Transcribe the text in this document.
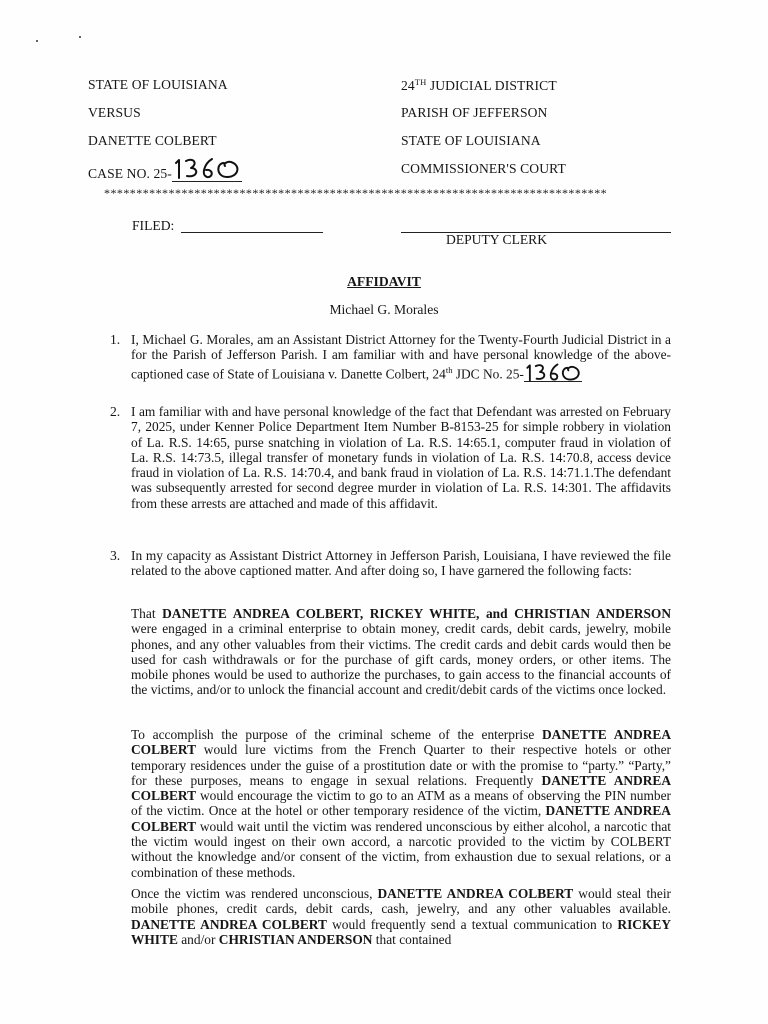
STATE OF LOUISIANA
VERSUS
DANETTE COLBERT
CASE NO. 25-
24TH JUDICIAL DISTRICT
PARISH OF JEFFERSON
STATE OF LOUISIANA
COMMISSIONER'S COURT
******************************************************************************
FILED:
DEPUTY CLERK
AFFIDAVIT
Michael G. Morales
1. I, Michael G. Morales, am an Assistant District Attorney for the Twenty-Fourth Judicial District in a for the Parish of Jefferson Parish. I am familiar with and have personal knowledge of the above-captioned case of State of Louisiana v. Danette Colbert, 24th JDC No. 25-
2. I am familiar with and have personal knowledge of the fact that Defendant was arrested on February 7, 2025, under Kenner Police Department Item Number B-8153-25 for simple robbery in violation of La. R.S. 14:65, purse snatching in violation of La. R.S. 14:65.1, computer fraud in violation of La. R.S. 14:73.5, illegal transfer of monetary funds in violation of La. R.S. 14:70.8, access device fraud in violation of La. R.S. 14:70.4, and bank fraud in violation of La. R.S. 14:71.1.The defendant was subsequently arrested for second degree murder in violation of La. R.S. 14:301. The affidavits from these arrests are attached and made of this affidavit.
3. In my capacity as Assistant District Attorney in Jefferson Parish, Louisiana, I have reviewed the file related to the above captioned matter. And after doing so, I have garnered the following facts:
That DANETTE ANDREA COLBERT, RICKEY WHITE, and CHRISTIAN ANDERSON were engaged in a criminal enterprise to obtain money, credit cards, debit cards, jewelry, mobile phones, and any other valuables from their victims. The credit cards and debit cards would then be used for cash withdrawals or for the purchase of gift cards, money orders, or other items. The mobile phones would be used to authorize the purchases, to gain access to the financial accounts of the victims, and/or to unlock the financial account and credit/debit cards of the victims once locked.
To accomplish the purpose of the criminal scheme of the enterprise DANETTE ANDREA COLBERT would lure victims from the French Quarter to their respective hotels or other temporary residences under the guise of a prostitution date or with the promise to “party.” “Party,” for these purposes, means to engage in sexual relations. Frequently DANETTE ANDREA COLBERT would encourage the victim to go to an ATM as a means of observing the PIN number of the victim. Once at the hotel or other temporary residence of the victim, DANETTE ANDREA COLBERT would wait until the victim was rendered unconscious by either alcohol, a narcotic that the victim would ingest on their own accord, a narcotic provided to the victim by COLBERT without the knowledge and/or consent of the victim, from exhaustion due to sexual relations, or a combination of these methods.
Once the victim was rendered unconscious, DANETTE ANDREA COLBERT would steal their mobile phones, credit cards, debit cards, cash, jewelry, and any other valuables available. DANETTE ANDREA COLBERT would frequently send a textual communication to RICKEY WHITE and/or CHRISTIAN ANDERSON that contained
